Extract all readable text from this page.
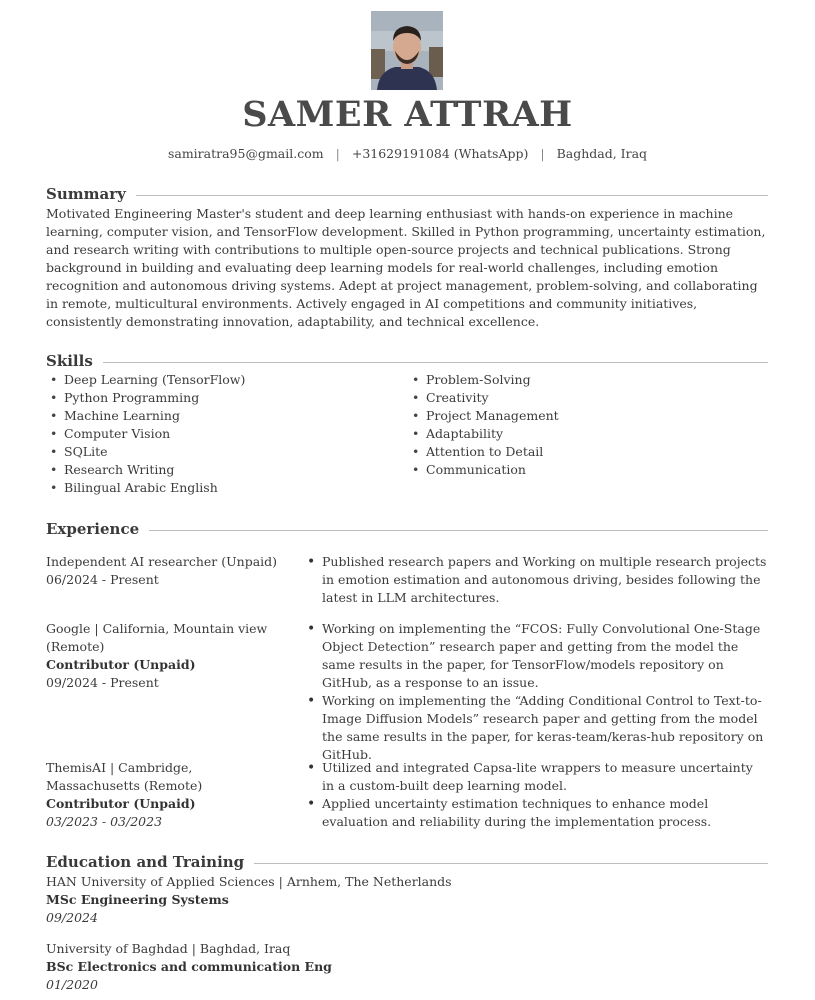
SAMER ATTRAH
samiratra95@gmail.com | +31629191084 (WhatsApp) | Baghdad, Iraq
Summary

Motivated Engineering Master's student and deep learning enthusiast with hands-on experience in machine learning, computer vision, and TensorFlow development. Skilled in Python programming, uncertainty estimation, and research writing with contributions to multiple open-source projects and technical publications. Strong background in building and evaluating deep learning models for real-world challenges, including emotion recognition and autonomous driving systems. Adept at project management, problem-solving, and collaborating in remote, multicultural environments. Actively engaged in AI competitions and community initiatives, consistently demonstrating innovation, adaptability, and technical excellence.

Skills
• Deep Learning (TensorFlow)
• Python Programming
• Machine Learning
• Computer Vision
• SQLite
• Research Writing
• Bilingual Arabic English
• Problem-Solving
• Creativity
• Project Management
• Adaptability
• Attention to Detail
• Communication
Experience
Independent AI researcher (Unpaid)
06/2024 - Present
• Published research papers and Working on multiple research projects in emotion estimation and autonomous driving, besides following the latest in LLM architectures.
Google | California, Mountain view (Remote)
Contributor (Unpaid)
09/2024 - Present
• Working on implementing the “FCOS: Fully Convolutional One-Stage Object Detection” research paper and getting from the model the same results in the paper, for TensorFlow/models repository on GitHub, as a response to an issue.
• Working on implementing the “Adding Conditional Control to Text-to-Image Diffusion Models” research paper and getting from the model the same results in the paper, for keras-team/keras-hub repository on GitHub.
ThemisAI | Cambridge, Massachusetts (Remote)
Contributor (Unpaid)
03/2023 - 03/2023
• Utilized and integrated Capsa-lite wrappers to measure uncertainty in a custom-built deep learning model.
• Applied uncertainty estimation techniques to enhance model evaluation and reliability during the implementation process.
Education and Training
HAN University of Applied Sciences | Arnhem, The Netherlands
MSc Engineering Systems
09/2024
University of Baghdad | Baghdad, Iraq
BSc Electronics and communication Eng
01/2020
